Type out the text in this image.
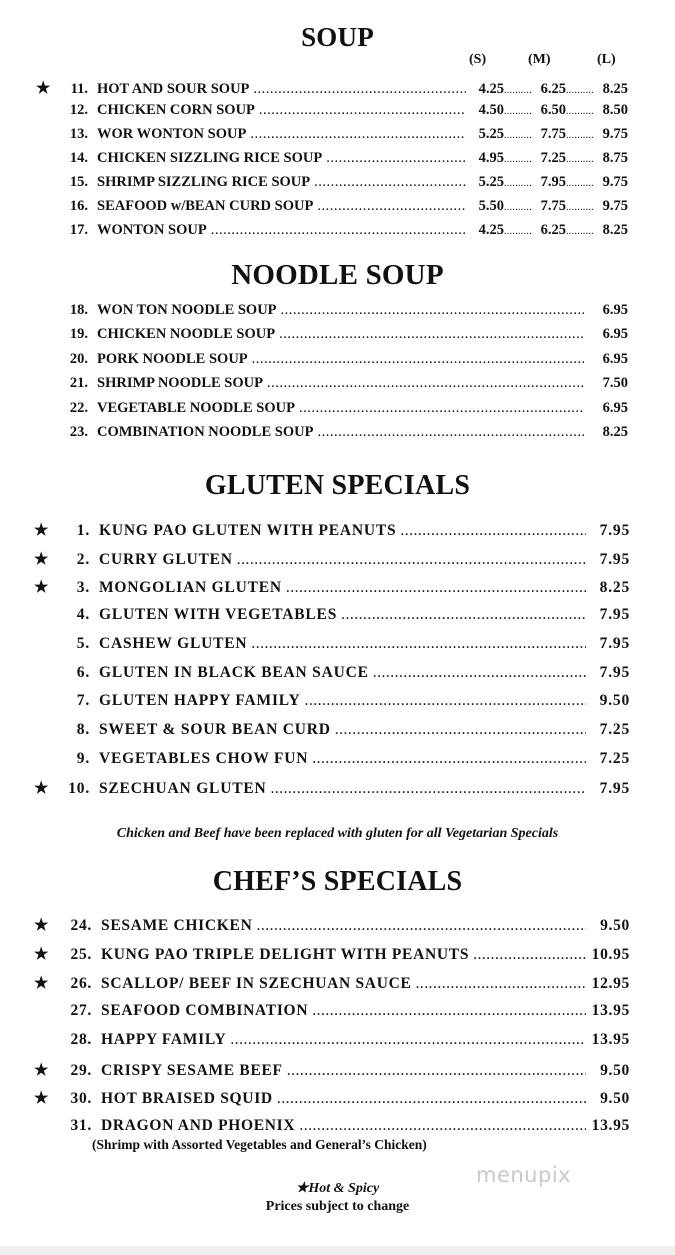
SOUP
(S)	(M)	(L)
★	11. HOT AND SOUR SOUP .....	4.25 .....	6.25 .....	8.25
12. CHICKEN CORN SOUP .....	4.50 .....	6.50 .....	8.50
13. WOR WONTON SOUP .....	5.25 .....	7.75 .....	9.75
14. CHICKEN SIZZLING RICE SOUP .....	4.95 .....	7.25 .....	8.75
15. SHRIMP SIZZLING RICE SOUP .....	5.25 .....	7.95 .....	9.75
16. SEAFOOD w/BEAN CURD SOUP .....	5.50 .....	7.75 .....	9.75
17. WONTON SOUP .....	4.25 .....	6.25 .....	8.25
NOODLE SOUP
18. WON TON NOODLE SOUP .....	6.95
19. CHICKEN NOODLE SOUP .....	6.95
20. PORK NOODLE SOUP .....	6.95
21. SHRIMP NOODLE SOUP .....	7.50
22. VEGETABLE NOODLE SOUP .....	6.95
23. COMBINATION NOODLE SOUP .....	8.25
GLUTEN SPECIALS
★	1. KUNG PAO GLUTEN WITH PEANUTS .....	7.95
★	2. CURRY GLUTEN .....	7.95
★	3. MONGOLIAN GLUTEN .....	8.25
4. GLUTEN WITH VEGETABLES .....	7.95
5. CASHEW GLUTEN .....	7.95
6. GLUTEN IN BLACK BEAN SAUCE .....	7.95
7. GLUTEN HAPPY FAMILY .....	9.50
8. SWEET & SOUR BEAN CURD .....	7.25
9. VEGETABLES CHOW FUN .....	7.25
★	10. SZECHUAN GLUTEN .....	7.95
Chicken and Beef have been replaced with gluten for all Vegetarian Specials
CHEF’S SPECIALS
★	24. SESAME CHICKEN .....	9.50
★	25. KUNG PAO TRIPLE DELIGHT WITH PEANUTS .....	10.95
★	26. SCALLOP/ BEEF IN SZECHUAN SAUCE .....	12.95
27. SEAFOOD COMBINATION .....	13.95
28. HAPPY FAMILY .....	13.95
★	29. CRISPY SESAME BEEF .....	9.50
★	30. HOT BRAISED SQUID .....	9.50
31. DRAGON AND PHOENIX .....	13.95
(Shrimp with Assorted Vegetables and General’s Chicken)
★Hot & Spicy
Prices subject to change
menupix
